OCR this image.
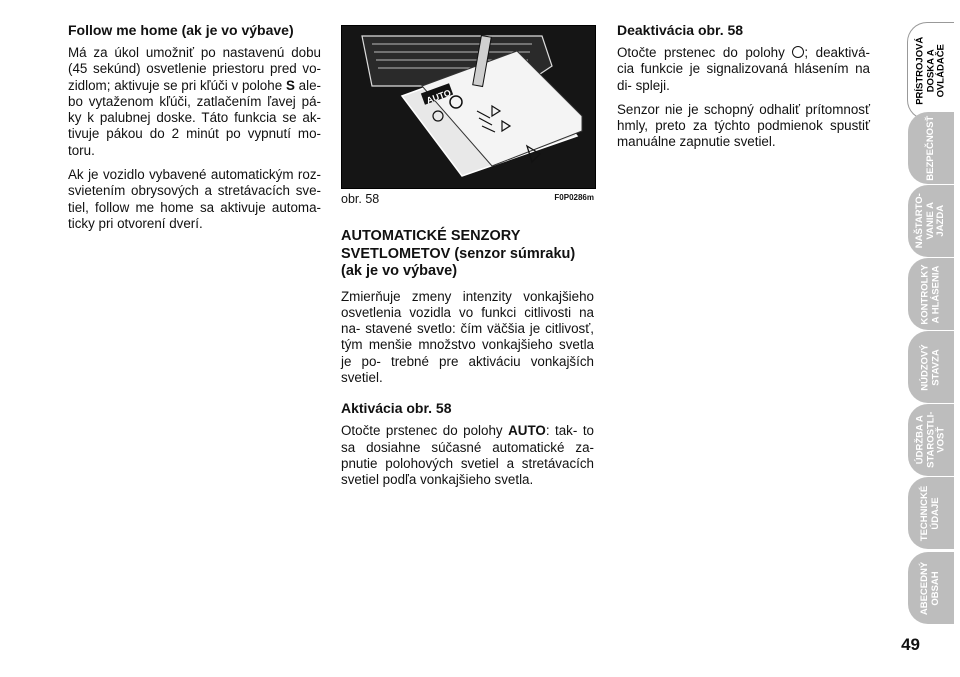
Follow me home (ak je vo výbave)

Má za úkol umožniť po nastavenú dobu (45 sekúnd) osvetlenie priestoru pred vo- zidlom; aktivuje se pri kľúči v polohe S ale- bo vytaženom kľúči, zatlačením ľavej pá- ky k palubnej doske. Táto funkcia se ak- tivuje pákou do 2 minút po vypnutí mo- toru.

Ak je vozidlo vybavené automatickým roz- svietením obrysových a stretávacích sve- tiel, follow me home sa aktivuje automa- ticky pri otvorení dverí.

AUTO
obr. 58	F0P0286m
AUTOMATICKÉ SENZORY SVETLOMETOV (senzor súmraku) (ak je vo výbave)

Zmierňuje zmeny intenzity vonkajšieho osvetlenia vozidla vo funkci citlivosti na na- stavené svetlo: čím väčšia je citlivosť, tým menšie množstvo vonkajšieho svetla je po- trebné pre aktiváciu vonkajších svetiel.

Aktivácia obr. 58

Otočte prstenec do polohy AUTO: tak- to sa dosiahne súčasné automatické za- pnutie polohových svetiel a stretávacích svetiel podľa vonkajšieho svetla.

Deaktivácia obr. 58

Otočte prstenec do polohy ; deaktivá- cia funkcie je signalizovaná hlásením na di- spleji.

Senzor nie je schopný odhaliť prítomnosť hmly, preto za týchto podmienok spustiť manuálne zapnutie svetiel.

PRÍSTROJOVÁ DOSKA A OVLÁDAČE
BEZPEČNOSŤ
NAŠTARTO- VANIE A JAZDA
KONTROLKY A HLÁSENIA
NÚDZOVÝ STAVZA
ÚDRŽBA A STAROSTLI- VOSŤ
TECHNICKÉ ÚDAJE
ABECEDNÝ OBSAH
49
